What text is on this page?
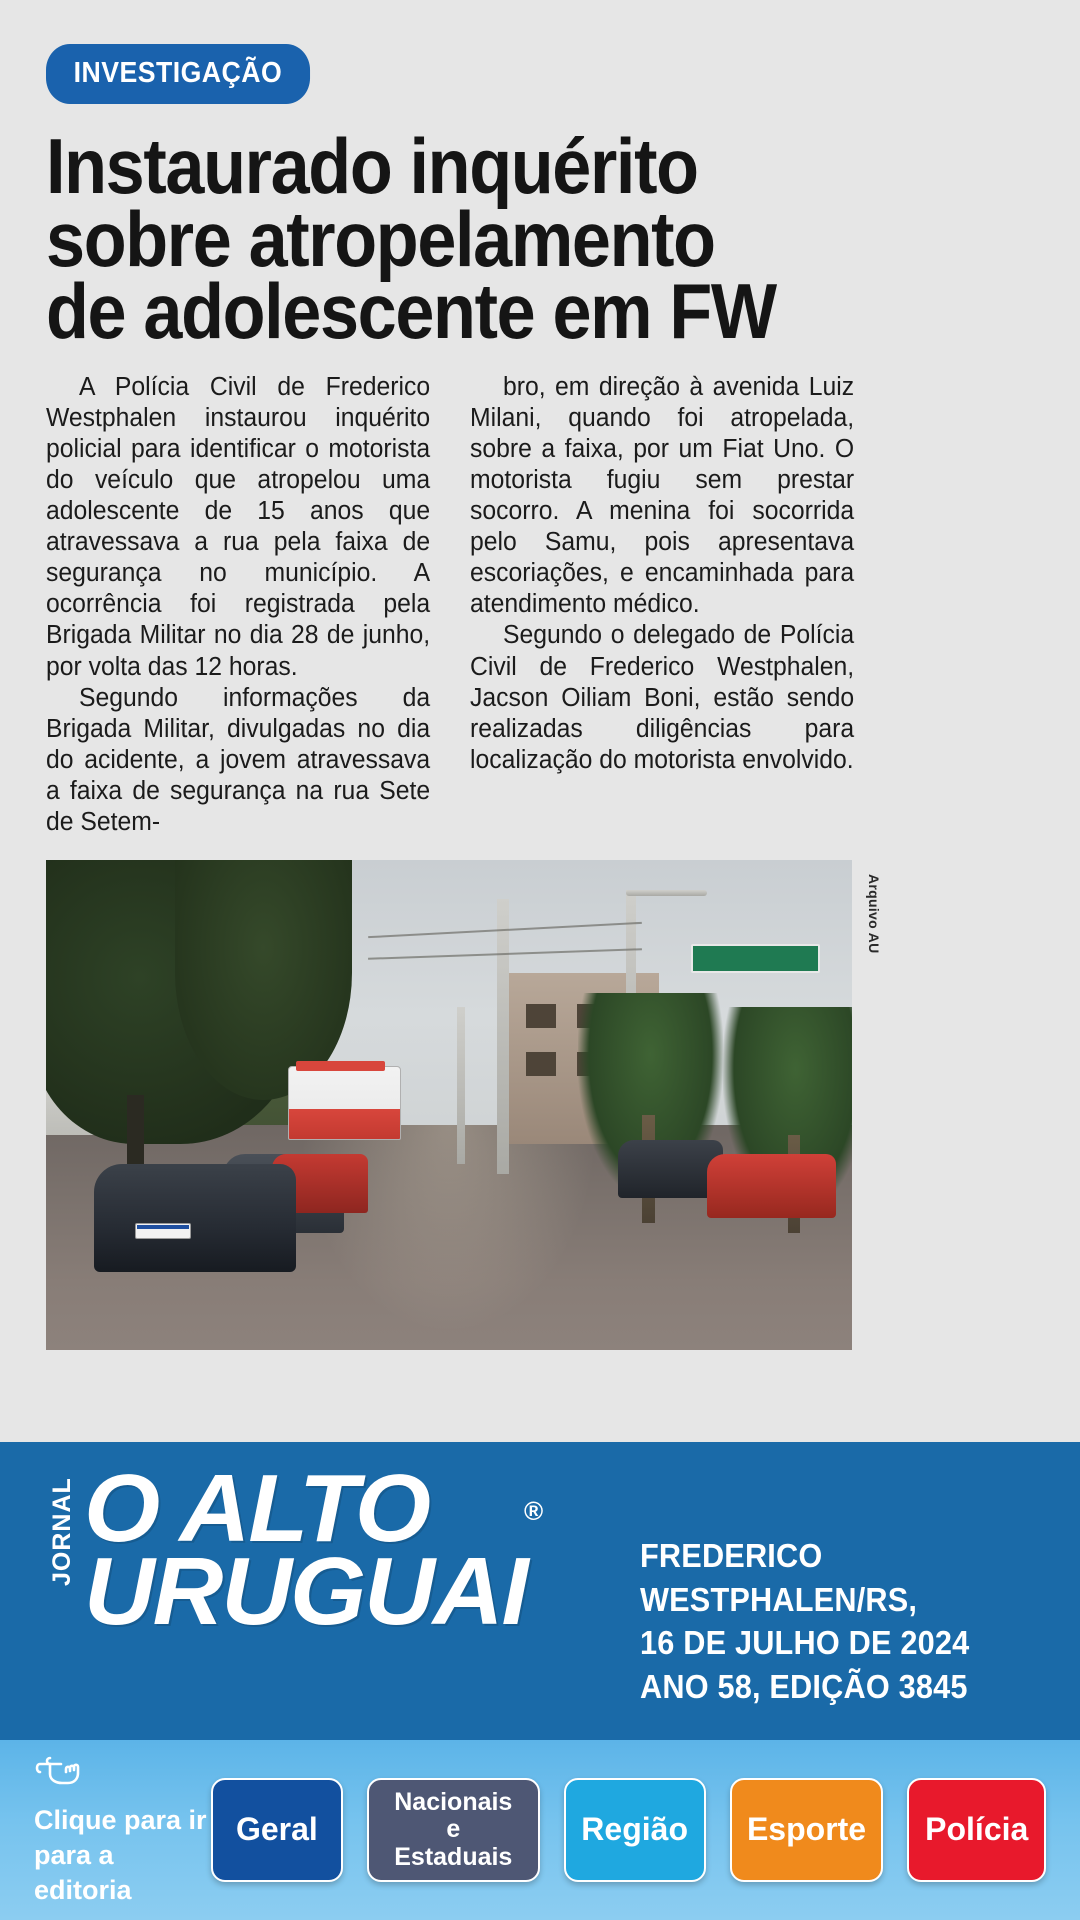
INVESTIGAÇÃO
Instaurado inquérito
sobre atropelamento
de adolescente em FW

A Polícia Civil de Frederico Westphalen instaurou inquérito policial para identificar o motorista do veículo que atropelou uma adolescente de 15 anos que atravessava a rua pela faixa de segurança no município. A ocorrência foi registrada pela Brigada Militar no dia 28 de junho, por volta das 12 horas.

Segundo informações da Brigada Militar, divulgadas no dia do acidente, a jovem atravessava a faixa de segurança na rua Sete de Setem-

bro, em direção à avenida Luiz Milani, quando foi atropelada, sobre a faixa, por um Fiat Uno. O motorista fugiu sem prestar socorro. A menina foi socorrida pelo Samu, pois apresentava escoriações, e encaminhada para atendimento médico.

Segundo o delegado de Polícia Civil de Frederico Westphalen, Jacson Oiliam Boni, estão sendo realizadas diligências para localização do motorista envolvido.

Arquivo AU
JORNAL O ALTO
URUGUAI
®
FREDERICO WESTPHALEN/RS,
16 DE JULHO DE 2024
ANO 58, EDIÇÃO 3845
Clique para ir
para a editoria
Geral
Nacionais
e Estaduais
Região	Esporte	Polícia
